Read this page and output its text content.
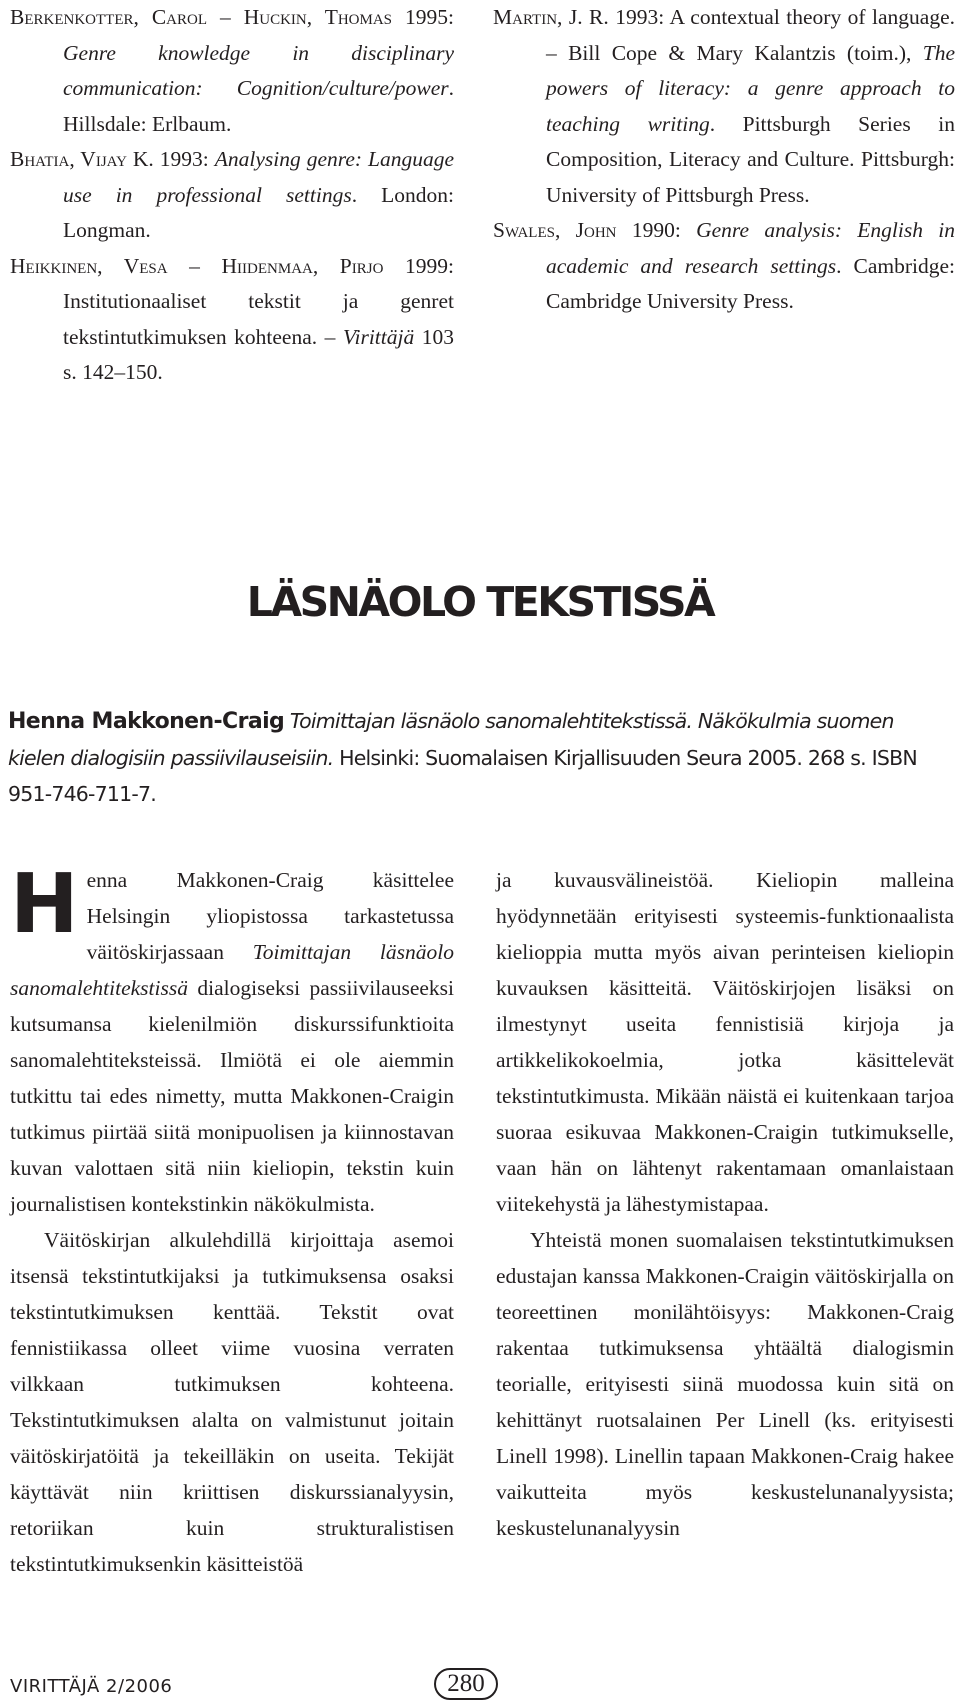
Berkenkotter, Carol – Huckin, Thomas 1995: Genre knowledge in disciplinary communication: Cognition/culture/power. Hillsdale: Erlbaum.
Bhatia, Vijay K. 1993: Analysing genre: Language use in professional settings. London: Longman.
Heikkinen, Vesa – Hiidenmaa, Pirjo 1999: Institutionaaliset tekstit ja genret tekstintutkimuksen kohteena. – Virittäjä 103 s. 142–150.
Martin, J. R. 1993: A contextual theory of language. – Bill Cope & Mary Kalantzis (toim.), The powers of literacy: a genre approach to teaching writing. Pittsburgh Series in Composition, Literacy and Culture. Pittsburgh: University of Pittsburgh Press.
Swales, John 1990: Genre analysis: English in academic and research settings. Cambridge: Cambridge University Press.
LÄSNÄOLO TEKSTISSÄ
Henna Makkonen-Craig Toimittajan läsnäolo sanomalehtitekstissä. Näkökulmia suomen kielen dialogisiin passiivilauseisiin. Helsinki: Suomalaisen Kirjallisuuden Seura 2005. 268 s. ISBN 951-746-711-7.

Henna Makkonen-Craig käsittelee Helsingin yliopistossa tarkastetussa väitöskirjassaan Toimittajan läsnäolo sanomalehtitekstissä dialogiseksi passiivilauseeksi kutsumansa kielenilmiön diskurssifunktioita sanomalehtiteksteissä. Ilmiötä ei ole aiemmin tutkittu tai edes nimetty, mutta Makkonen-Craigin tutkimus piirtää siitä monipuolisen ja kiinnostavan kuvan valottaen sitä niin kieliopin, tekstin kuin journalistisen kontekstinkin näkökulmista.

Väitöskirjan alkulehdillä kirjoittaja asemoi itsensä tekstintutkijaksi ja tutkimuksensa osaksi tekstintutkimuksen kenttää. Tekstit ovat fennistiikassa olleet viime vuosina verraten vilkkaan tutkimuksen kohteena. Tekstintutkimuksen alalta on valmistunut joitain väitöskirjatöitä ja tekeilläkin on useita. Tekijät käyttävät niin kriittisen diskurssianalyysin, retoriikan kuin strukturalistisen tekstintutkimuksenkin käsitteistöä

ja kuvausvälineistöä. Kieliopin malleina hyödynnetään erityisesti systeemis-funktionaalista kielioppia mutta myös aivan perinteisen kieliopin kuvauksen käsitteitä. Väitöskirjojen lisäksi on ilmestynyt useita fennistisiä kirjoja ja artikkelikokoelmia, jotka käsittelevät tekstintutkimusta. Mikään näistä ei kuitenkaan tarjoa suoraa esikuvaa Makkonen-Craigin tutkimukselle, vaan hän on lähtenyt rakentamaan omanlaistaan viitekehystä ja lähestymistapaa.

Yhteistä monen suomalaisen tekstintutkimuksen edustajan kanssa Makkonen-Craigin väitöskirjalla on teoreettinen monilähtöisyys: Makkonen-Craig rakentaa tutkimuksensa yhtäältä dialogismin teorialle, erityisesti siinä muodossa kuin sitä on kehittänyt ruotsalainen Per Linell (ks. erityisesti Linell 1998). Linellin tapaan Makkonen-Craig hakee vaikutteita myös keskustelunanalyysista; keskustelunanalyysin

VIRITTÄJÄ 2/2006	280
